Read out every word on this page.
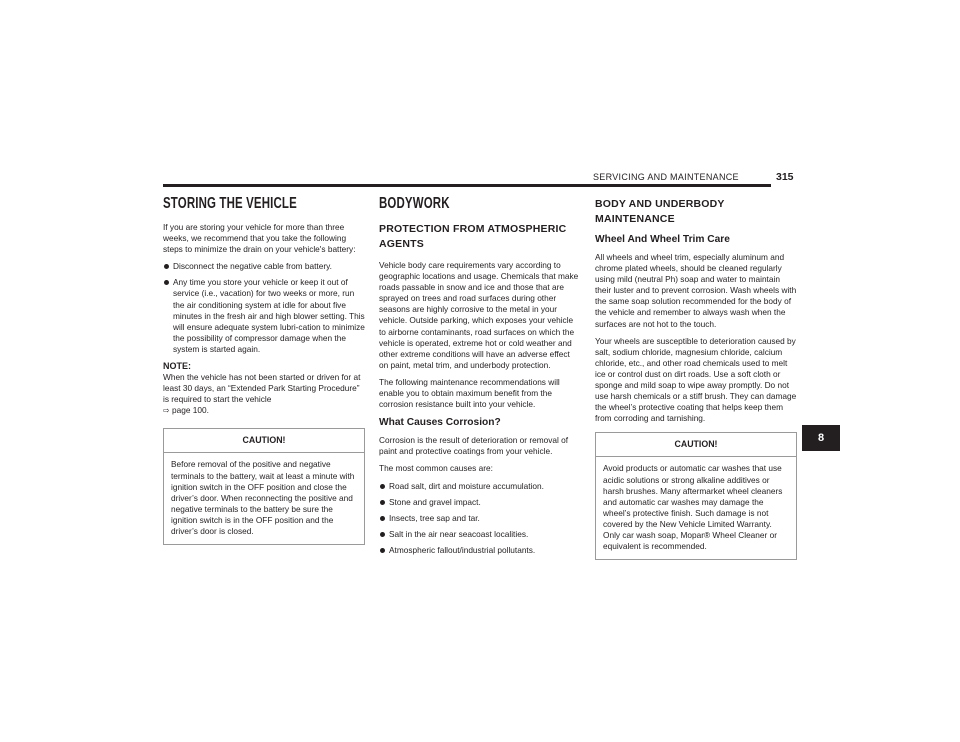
SERVICING AND MAINTENANCE	315
STORING THE VEHICLE

If you are storing your vehicle for more than three weeks, we recommend that you take the following steps to minimize the drain on your vehicle's battery:

Disconnect the negative cable from battery.
Any time you store your vehicle or keep it out of service (i.e., vacation) for two weeks or more, run the air conditioning system at idle for about five minutes in the fresh air and high blower setting. This will ensure adequate system lubri-cation to minimize the possibility of compressor damage when the system is started again.
NOTE:

When the vehicle has not been started or driven for at least 30 days, an “Extended Park Starting Procedure” is required to start the vehicle
⇨ page 100.

CAUTION!
Before removal of the positive and negative terminals to the battery, wait at least a minute with ignition switch in the OFF position and close the driver’s door. When reconnecting the positive and negative terminals to the battery be sure the ignition switch is in the OFF position and the driver’s door is closed.
BODYWORK
PROTECTION FROM ATMOSPHERIC AGENTS

Vehicle body care requirements vary according to geographic locations and usage. Chemicals that make roads passable in snow and ice and those that are sprayed on trees and road surfaces during other seasons are highly corrosive to the metal in your vehicle. Outside parking, which exposes your vehicle to airborne contaminants, road surfaces on which the vehicle is operated, extreme hot or cold weather and other extreme conditions will have an adverse effect on paint, metal trim, and underbody protection.

The following maintenance recommendations will enable you to obtain maximum benefit from the corrosion resistance built into your vehicle.

What Causes Corrosion?

Corrosion is the result of deterioration or removal of paint and protective coatings from your vehicle.

The most common causes are:

Road salt, dirt and moisture accumulation.
Stone and gravel impact.
Insects, tree sap and tar.
Salt in the air near seacoast localities.
Atmospheric fallout/industrial pollutants.
BODY AND UNDERBODY MAINTENANCE
Wheel And Wheel Trim Care

All wheels and wheel trim, especially aluminum and chrome plated wheels, should be cleaned regularly using mild (neutral Ph) soap and water to maintain their luster and to prevent corrosion. Wash wheels with the same soap solution recommended for the body of the vehicle and remember to always wash when the surfaces are not hot to the touch.

Your wheels are susceptible to deterioration caused by salt, sodium chloride, magnesium chloride, calcium chloride, etc., and other road chemicals used to melt ice or control dust on dirt roads. Use a soft cloth or sponge and mild soap to wipe away promptly. Do not use harsh chemicals or a stiff brush. They can damage the wheel’s protective coating that helps keep them from corroding and tarnishing.

CAUTION!
Avoid products or automatic car washes that use acidic solutions or strong alkaline additives or harsh brushes. Many aftermarket wheel cleaners and automatic car washes may damage the wheel’s protective finish. Such damage is not covered by the New Vehicle Limited Warranty. Only car wash soap, Mopar® Wheel Cleaner or equivalent is recommended.
8
